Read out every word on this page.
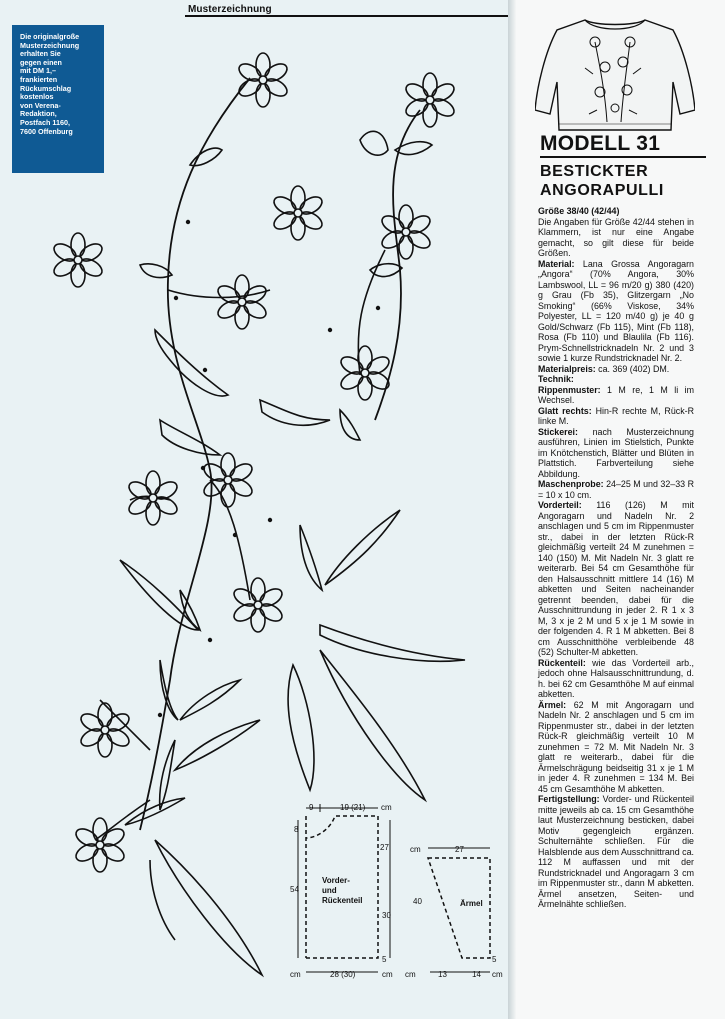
Musterzeichnung
Die originalgroße
Musterzeichnung
erhalten Sie
gegen einen
mit DM 1,–
frankierten
Rückumschlag
kostenlos
von Verena-
Redaktion,
Postfach 1160,
7600 Offenburg
9	19 (21) cm
8
54
27
30
5
cm
cm	28 (30)
Vorder-
und
Rückenteil
cm	27
40
5
cm
cm	13	14
Ärmel
MODELL 31
BESTICKTER
ANGORAPULLI

Größe 38/40 (42/44)

Die Angaben für Größe 42/44 stehen in Klammern, ist nur eine Angabe gemacht, so gilt diese für beide Größen.

Material: Lana Grossa Angoragarn „Angora“ (70% Angora, 30% Lambswool, LL = 96 m/20 g) 380 (420) g Grau (Fb 35), Glitzergarn „No Smoking“ (66% Viskose, 34% Polyester, LL = 120 m/40 g) je 40 g Gold/Schwarz (Fb 115), Mint (Fb 118), Rosa (Fb 110) und Blaulila (Fb 116). Prym-Schnellstricknadeln Nr. 2 und 3 sowie 1 kurze Rundstricknadel Nr. 2.

Materialpreis: ca. 369 (402) DM.

Technik:

Rippenmuster: 1 M re, 1 M li im Wechsel.

Glatt rechts: Hin-R rechte M, Rück-R linke M.

Stickerei: nach Musterzeichnung ausführen, Linien im Stielstich, Punkte im Knötchenstich, Blätter und Blüten in Plattstich. Farbverteilung siehe Abbildung.

Maschenprobe: 24–25 M und 32–33 R = 10 x 10 cm.

Vorderteil: 116 (126) M mit Angoragarn und Nadeln Nr. 2 anschlagen und 5 cm im Rippenmuster str., dabei in der letzten Rück-R gleichmäßig verteilt 24 M zunehmen = 140 (150) M. Mit Nadeln Nr. 3 glatt re weiterarb. Bei 54 cm Gesamthöhe für den Halsausschnitt mittlere 14 (16) M abketten und Seiten nacheinander getrennt beenden, dabei für die Ausschnittrundung in jeder 2. R 1 x 3 M, 3 x je 2 M und 5 x je 1 M sowie in der folgenden 4. R 1 M abketten. Bei 8 cm Ausschnitthöhe verbleibende 48 (52) Schulter-M abketten.

Rückenteil: wie das Vorderteil arb., jedoch ohne Halsausschnittrundung, d. h. bei 62 cm Gesamthöhe M auf einmal abketten.

Ärmel: 62 M mit Angoragarn und Nadeln Nr. 2 anschlagen und 5 cm im Rippenmuster str., dabei in der letzten Rück-R gleichmäßig verteilt 10 M zunehmen = 72 M. Mit Nadeln Nr. 3 glatt re weiterarb., dabei für die Ärmelschrägung beidseitig 31 x je 1 M in jeder 4. R zunehmen = 134 M. Bei 45 cm Gesamthöhe M abketten.

Fertigstellung: Vorder- und Rückenteil mitte jeweils ab ca. 15 cm Gesamthöhe laut Musterzeichnung besticken, dabei Motiv gegengleich ergänzen. Schulternähte schließen. Für die Halsblende aus dem Ausschnittrand ca. 112 M auffassen und mit der Rundstricknadel und Angoragarn 3 cm im Rippenmuster str., dann M abketten. Ärmel ansetzen, Seiten- und Ärmelnähte schließen.
